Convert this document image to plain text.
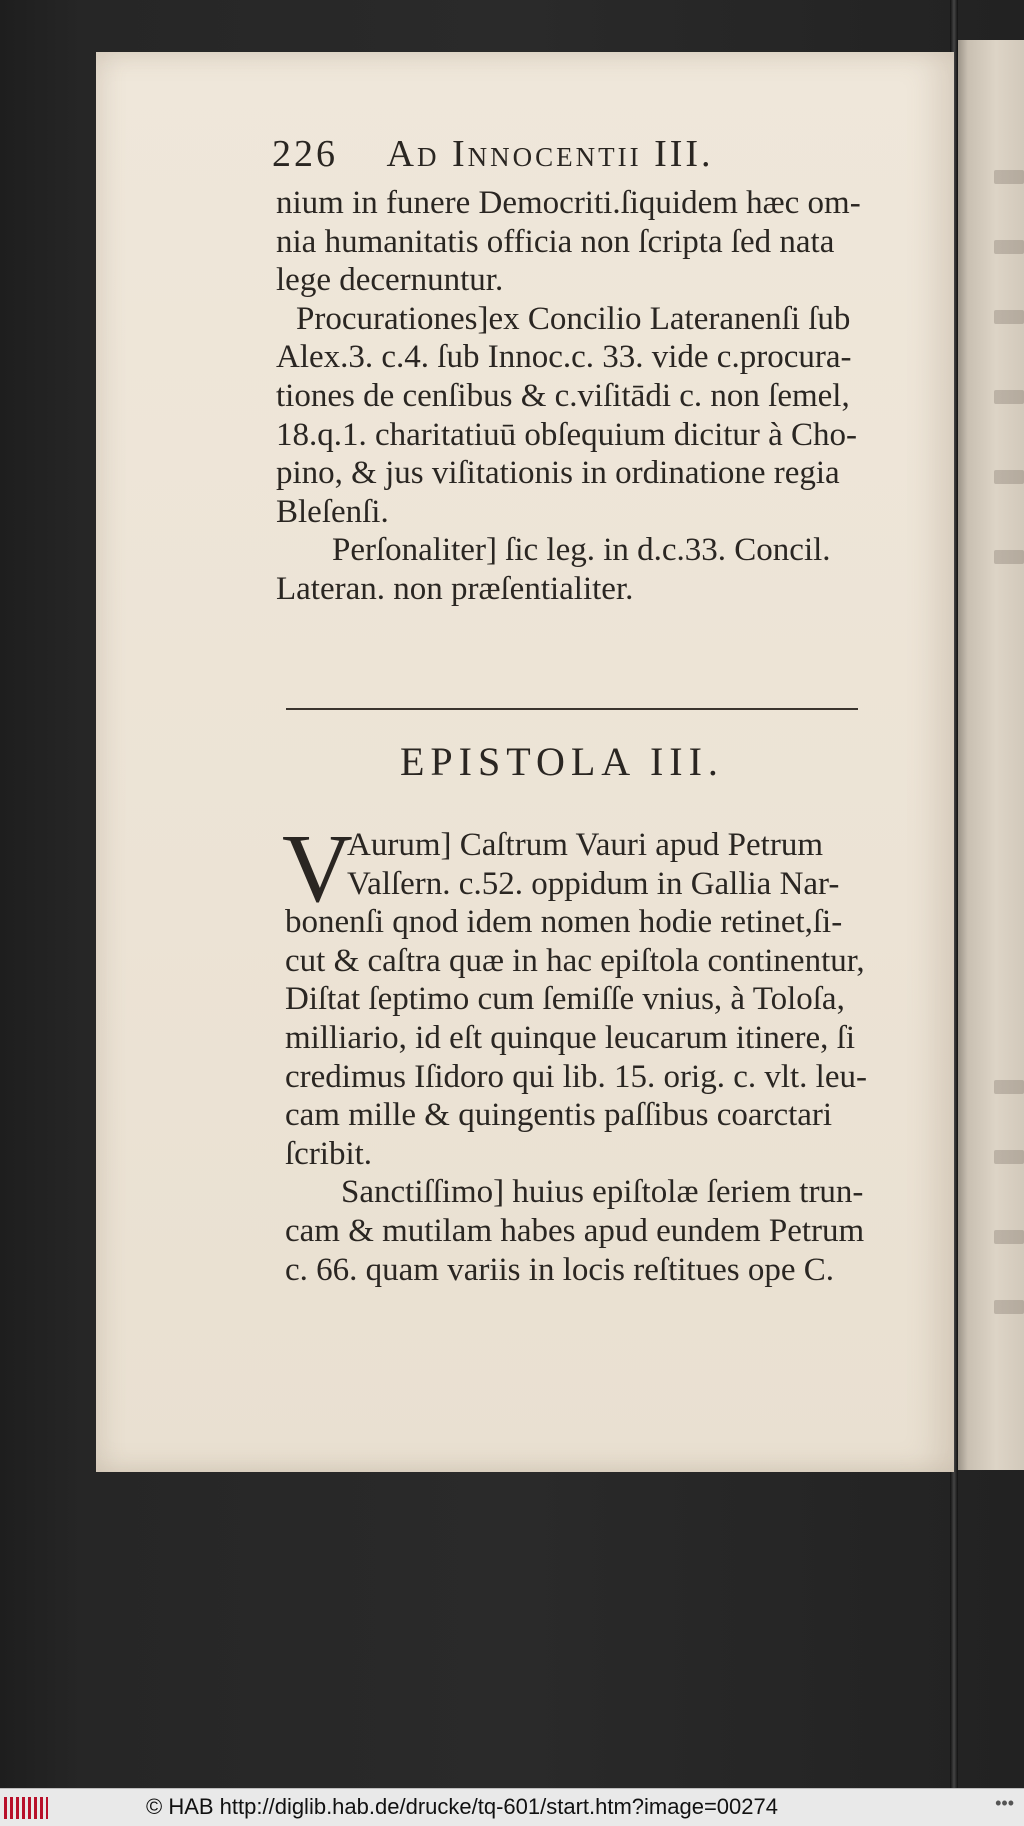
226 Ad Innocentii III.
nium in funere Democriti.ſiquidem hæc om-
nia humanitatis officia non ſcripta ſed nata
lege decernuntur.
Procurationes]ex Concilio Lateranenſi ſub
Alex.3. c.4. ſub Innoc.c. 33. vide c.procura-
tiones de cenſibus & c.viſitādi c. non ſemel,
18.q.1. charitatiuū obſequium dicitur à Cho-
pino, & jus viſitationis in ordinatione regia
Bleſenſi.
Perſonaliter] ſic leg. in d.c.33. Concil.
Lateran. non præſentialiter.
EPISTOLA III.
V
Aurum] Caſtrum Vauri apud Petrum
Valſern. c.52. oppidum in Gallia Nar-
bonenſi qnod idem nomen hodie retinet,ſi-
cut & caſtra quæ in hac epiſtola continentur,
Diſtat ſeptimo cum ſemiſſe vnius, à Toloſa,
milliario, id eſt quinque leucarum itinere, ſi
credimus Iſidoro qui lib. 15. orig. c. vlt. leu-
cam mille & quingentis paſſibus coarctari
ſcribit.
Sanctiſſimo] huius epiſtolæ ſeriem trun-
cam & mutilam habes apud eundem Petrum
c. 66. quam variis in locis reſtitues ope C.
© HAB http://diglib.hab.de/drucke/tq-601/start.htm?image=00274	•••
